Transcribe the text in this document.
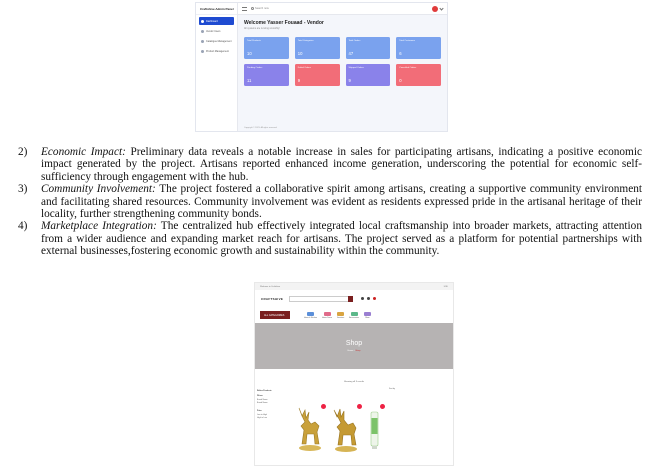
Craftshive Admin Panel
Dashboard
Vendor Users
Catalogue Management
Product Management
Search now
Welcome Yasser Fouaad - Vendor
All systems are running smoothly!
Total Products
10
Total Categories
10
Total Orders
47
Total Customers
6
Pending Orders
11
Failed Orders
9
Shipped Orders
9
Cancelled Orders
0
Copyright © 2023. All rights reserved.
2) Economic Impact: Preliminary data reveals a notable increase in sales for participating artisans, indicating a positive economic impact generated by the project. Artisans reported enhanced income generation, underscoring the potential for economic self-sufficiency through engagement with the hub.
3) Community Involvement: The project fostered a collaborative spirit among artisans, creating a supportive community environment and facilitating shared resources. Community involvement was evident as residents expressed pride in the artisanal heritage of their locality, further strengthening community bonds.
4) Marketplace Integration: The centralized hub effectively integrated local craftsmanship into broader markets, attracting attention from a wider audience and expanding market reach for artisans. The project served as a platform for potential partnerships with external businesses,fostering economic growth and sustainability within the community.
Welcome to Craftshive	USD
CRAFTSHIVE
ALL CATEGORIES
Home & Kitchen	Home Decor	Furniture	Accessories	More
Shop
Home › Shop
Showing all 3 results
Refine Products
Filters
Brand Name
Brand Name
Price
Low to High
High to Low
Sort by
